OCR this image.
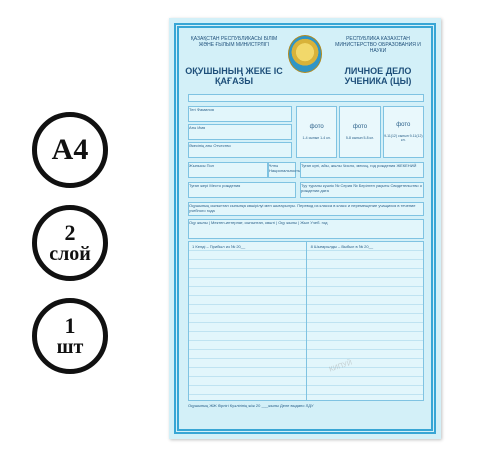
A4
2
слой
1
шт
ҚАЗАҚСТАН РЕСПУБЛИКАСЫ БІЛІМ ЖӘНЕ ҒЫЛЫМ МИНИСТРЛІГІ
РЕСПУБЛИКА КАЗАХСТАН МИНИСТЕРСТВО ОБРАЗОВАНИЯ И НАУКИ
ОҚУШЫНЫҢ ЖЕКЕ ІС ҚАҒАЗЫ
ЛИЧНОЕ ДЕЛО УЧЕНИКА (ЦЫ)
Тегі Фамилия
Аты Имя
Әкесінің аты Отчество
фото
1-4 сынып 1-4 кл.
фото
5-8 сынып 5-8 кл.
фото
9-11(12) сынып 9-11(12) кл.
Жынысы Пол	Ұлты Национальность
Туған күні, айы, жылы Число, месяц, год рождения ЖЕКЕНИЙ
Туған жері Место рождения	Туу туралы куәлік № Серия № Берілген уақыты Свидетельство о рождении дата
Оқушының сыныптан сыныпқа көшірілуі мен шығарылуы. Перевод из класса в класс и перемещение учащихся в течение учебного года
Оқу жылы | Мектеп-интернат, сыныптан, көшті | Оқу жылы | Жыл Учеб. год
1 Келді – Прибыл из № 20__	8 Шығарылды – Выбыл в № 20__
Оқушының ЖЖ бірлігі Куәлігінің ж/ж 20 ___жылы Деле выдано ЛДУ
КИПУЙ
